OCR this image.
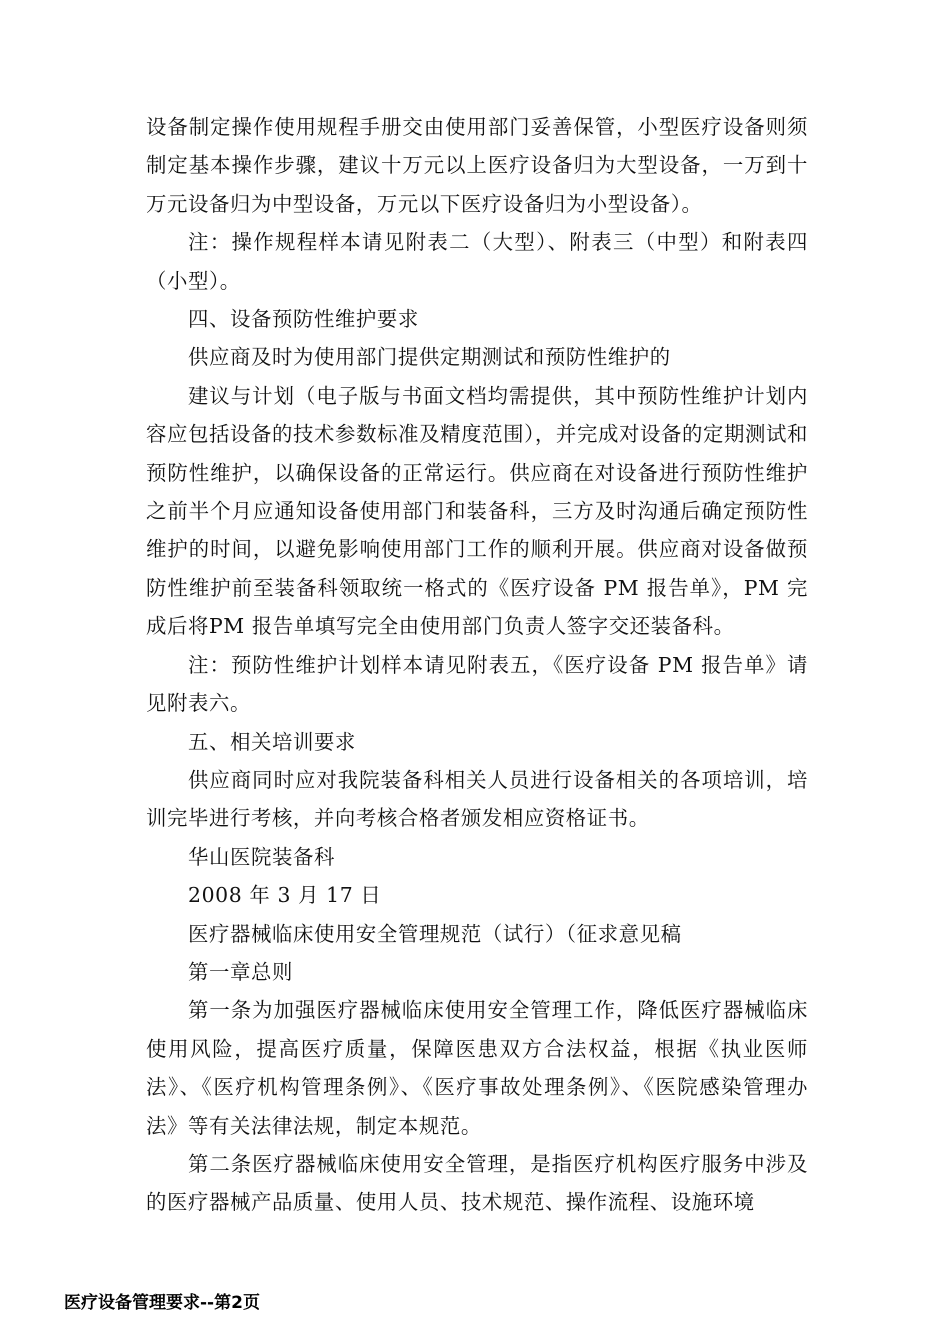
设备制定操作使用规程手册交由使用部门妥善保管，小型医疗设备则须制定基本操作步骤，建议十万元以上医疗设备归为大型设备，一万到十万元设备归为中型设备，万元以下医疗设备归为小型设备）。

注：操作规程样本请见附表二（大型）、附表三（中型）和附表四（小型）。

四、设备预防性维护要求

供应商及时为使用部门提供定期测试和预防性维护的

建议与计划（电子版与书面文档均需提供，其中预防性维护计划内容应包括设备的技术参数标准及精度范围），并完成对设备的定期测试和预防性维护，以确保设备的正常运行。供应商在对设备进行预防性维护之前半个月应通知设备使用部门和装备科，三方及时沟通后确定预防性维护的时间，以避免影响使用部门工作的顺利开展。供应商对设备做预防性维护前至装备科领取统一格式的《医疗设备 PM 报告单》，PM 完成后将PM 报告单填写完全由使用部门负责人签字交还装备科。

注：预防性维护计划样本请见附表五，《医疗设备 PM 报告单》请见附表六。

五、相关培训要求

供应商同时应对我院装备科相关人员进行设备相关的各项培训，培训完毕进行考核，并向考核合格者颁发相应资格证书。

华山医院装备科

2008 年 3 月 17 日

医疗器械临床使用安全管理规范（试行）（征求意见稿

第一章总则

第一条为加强医疗器械临床使用安全管理工作，降低医疗器械临床使用风险，提高医疗质量，保障医患双方合法权益，根据《执业医师法》、《医疗机构管理条例》、《医疗事故处理条例》、《医院感染管理办法》等有关法律法规，制定本规范。

第二条医疗器械临床使用安全管理，是指医疗机构医疗服务中涉及的医疗器械产品质量、使用人员、技术规范、操作流程、设施环境

医疗设备管理要求--第2页
